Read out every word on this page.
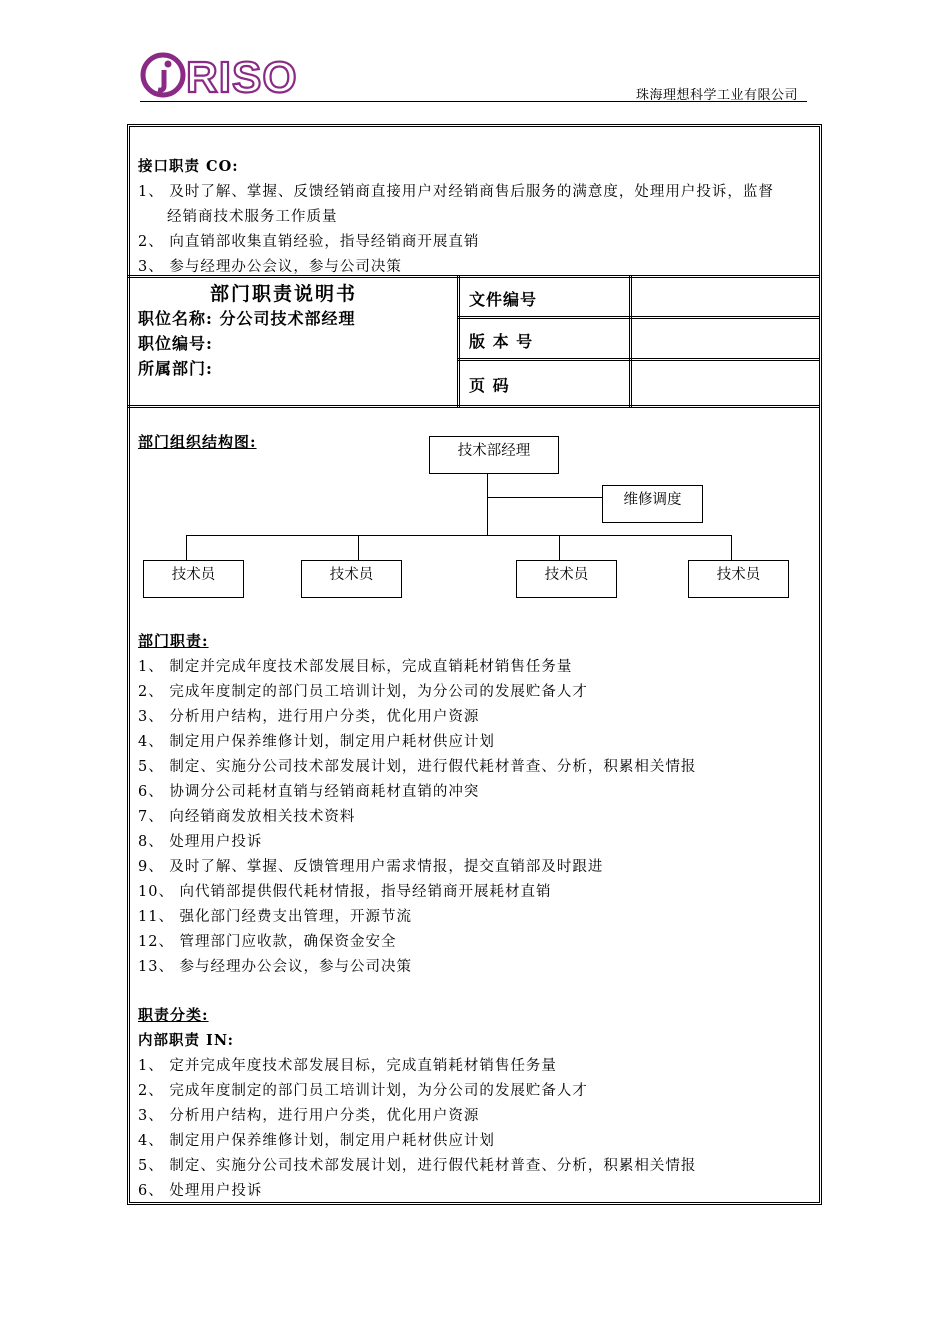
RISO	珠海理想科学工业有限公司
接口职责 CO:
1、 及时了解、掌握、反馈经销商直接用户对经销商售后服务的满意度，处理用户投诉，监督
经销商技术服务工作质量
2、 向直销部收集直销经验，指导经销商开展直销
3、 参与经理办公会议，参与公司决策
部门职责说明书
职位名称: 分公司技术部经理
职位编号:
所属部门:
文件编号
版 本 号
页 码
部门组织结构图:	技术部经理
维修调度
技术员	技术员	技术员	技术员
部门职责:
1、 制定并完成年度技术部发展目标，完成直销耗材销售任务量
2、 完成年度制定的部门员工培训计划，为分公司的发展贮备人才
3、 分析用户结构，进行用户分类，优化用户资源
4、 制定用户保养维修计划，制定用户耗材供应计划
5、 制定、实施分公司技术部发展计划，进行假代耗材普查、分析，积累相关情报
6、 协调分公司耗材直销与经销商耗材直销的冲突
7、 向经销商发放相关技术资料
8、 处理用户投诉
9、 及时了解、掌握、反馈管理用户需求情报，提交直销部及时跟进
10、 向代销部提供假代耗材情报，指导经销商开展耗材直销
11、 强化部门经费支出管理，开源节流
12、 管理部门应收款，确保资金安全
13、 参与经理办公会议，参与公司决策
职责分类:
内部职责 IN:
1、 定并完成年度技术部发展目标，完成直销耗材销售任务量
2、 完成年度制定的部门员工培训计划，为分公司的发展贮备人才
3、 分析用户结构，进行用户分类，优化用户资源
4、 制定用户保养维修计划，制定用户耗材供应计划
5、 制定、实施分公司技术部发展计划，进行假代耗材普查、分析，积累相关情报
6、 处理用户投诉
